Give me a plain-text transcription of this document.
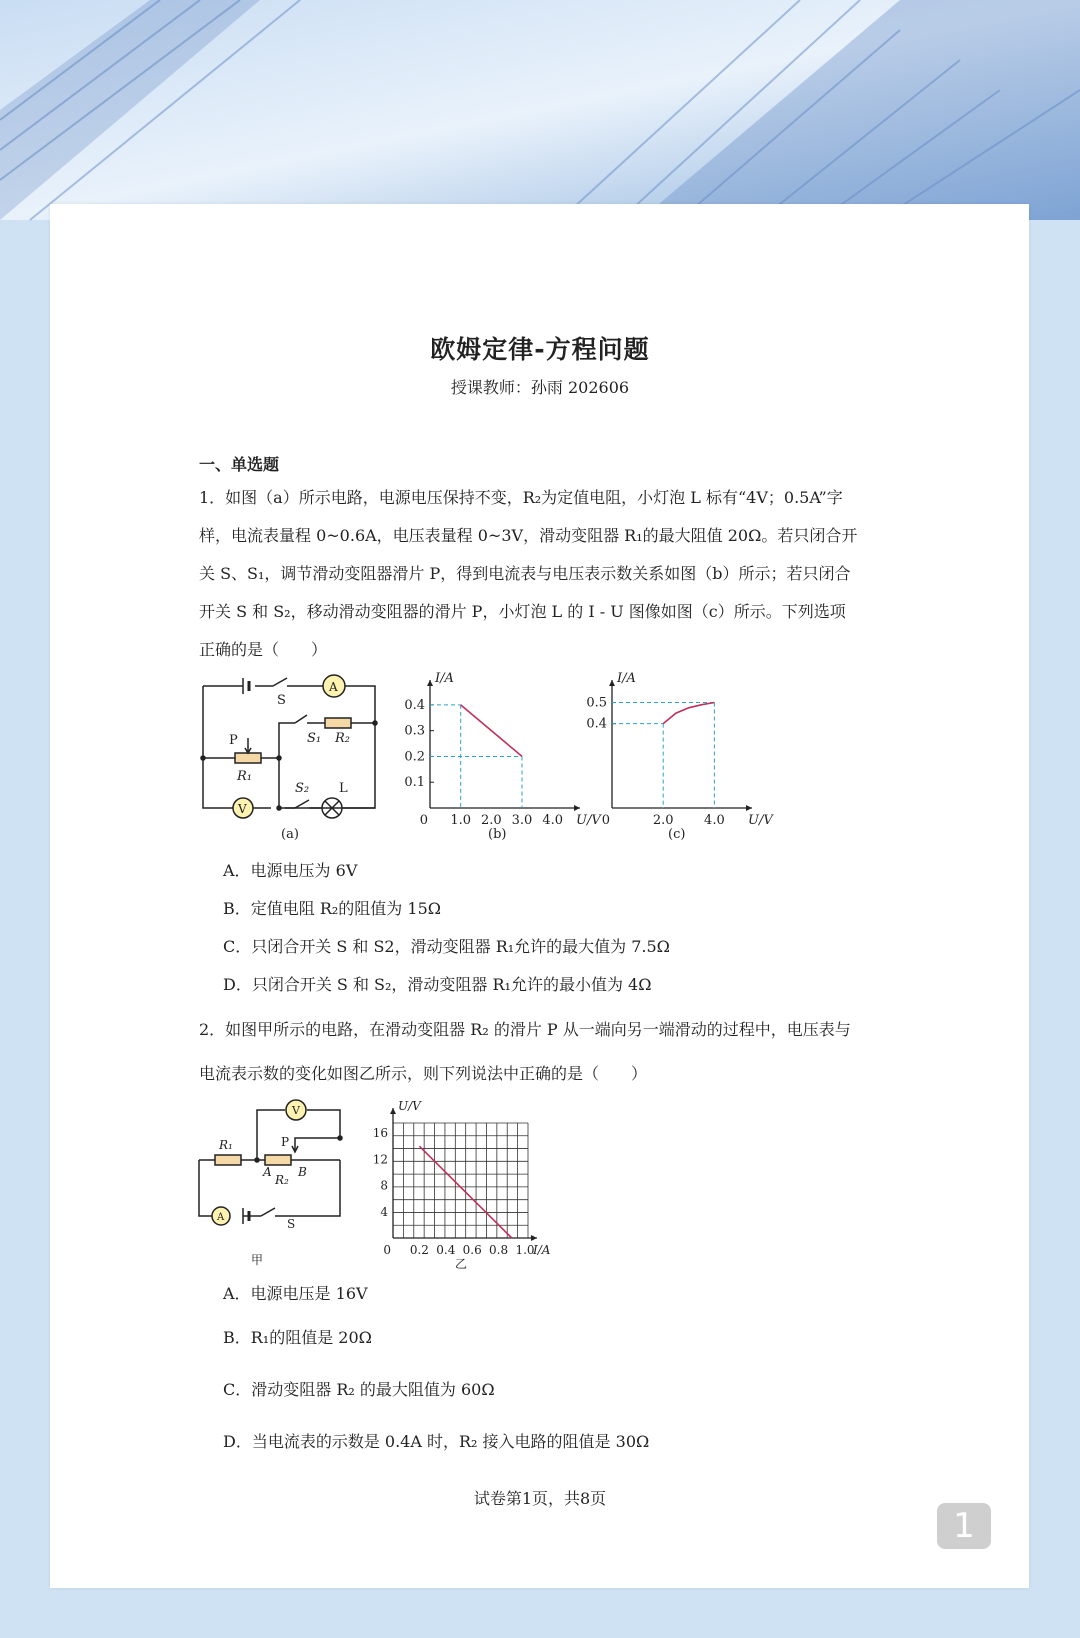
欧姆定律-方程问题
授课教师：孙雨 202606
一、单选题
1．如图（a）所示电路，电源电压保持不变，R₂为定值电阻，小灯泡 L 标有“4V；0.5A”字
样，电流表量程 0~0.6A，电压表量程 0~3V，滑动变阻器 R₁的最大阻值 20Ω。若只闭合开
关 S、S₁，调节滑动变阻器滑片 P，得到电流表与电压表示数关系如图（b）所示；若只闭合
开关 S 和 S₂，移动滑动变阻器的滑片 P，小灯泡 L 的 I - U 图像如图（c）所示。下列选项
正确的是（　　）
S
A
P	S₁ R₂
R₁
S₂ L
V
(a)
I/A
U/V
0.4
0.3
0.2
0.1
0 1.0 2.0 3.0 4.0
(b)
I/A
U/V
0.5
0.4
0	2.0 4.0
(c)
A．电源电压为 6V
B．定值电阻 R₂的阻值为 15Ω
C．只闭合开关 S 和 S2，滑动变阻器 R₁允许的最大值为 7.5Ω
D．只闭合开关 S 和 S₂，滑动变阻器 R₁允许的最小值为 4Ω
2．如图甲所示的电路，在滑动变阻器 R₂ 的滑片 P 从一端向另一端滑动的过程中，电压表与
电流表示数的变化如图乙所示，则下列说法中正确的是（　　）
V
R₁	P
A
R₂
B
A	S
甲
U/V
I/A
16
12
8
4
0 0.2 0.4 0.6 0.8 1.0
乙
A．电源电压是 16V
B．R₁的阻值是 20Ω
C．滑动变阻器 R₂ 的最大阻值为 60Ω
D．当电流表的示数是 0.4A 时，R₂ 接入电路的阻值是 30Ω
试卷第1页，共8页
1
